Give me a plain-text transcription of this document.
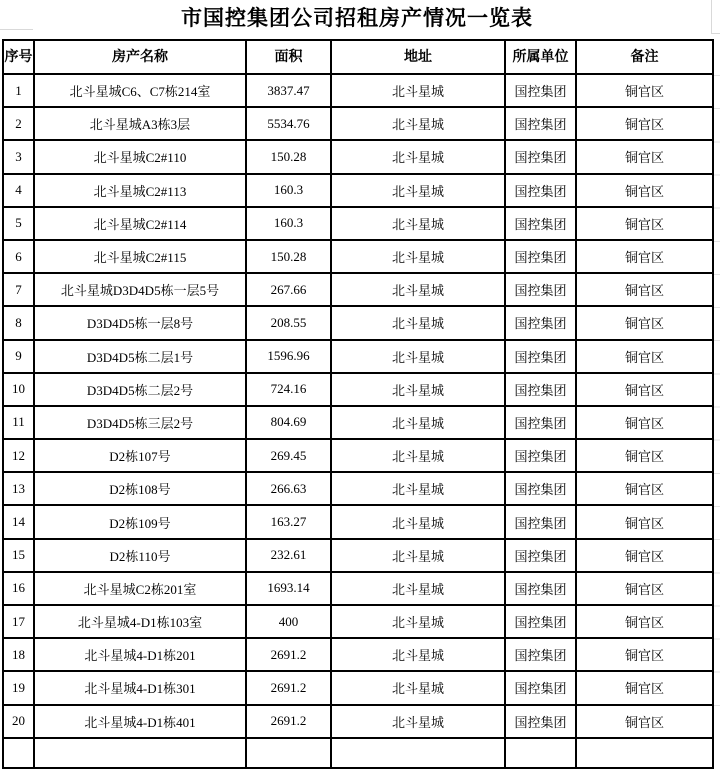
市国控集团公司招租房产情况一览表
序号	房产名称	面积	地址	所属单位	备注
1	北斗星城C6、C7栋214室	3837.47	北斗星城	国控集团	铜官区
2	北斗星城A3栋3层	5534.76	北斗星城	国控集团	铜官区
3	北斗星城C2#110	150.28	北斗星城	国控集团	铜官区
4	北斗星城C2#113	160.3	北斗星城	国控集团	铜官区
5	北斗星城C2#114	160.3	北斗星城	国控集团	铜官区
6	北斗星城C2#115	150.28	北斗星城	国控集团	铜官区
7	北斗星城D3D4D5栋一层5号	267.66	北斗星城	国控集团	铜官区
8	D3D4D5栋一层8号	208.55	北斗星城	国控集团	铜官区
9	D3D4D5栋二层1号	1596.96	北斗星城	国控集团	铜官区
10	D3D4D5栋二层2号	724.16	北斗星城	国控集团	铜官区
11	D3D4D5栋三层2号	804.69	北斗星城	国控集团	铜官区
12	D2栋107号	269.45	北斗星城	国控集团	铜官区
13	D2栋108号	266.63	北斗星城	国控集团	铜官区
14	D2栋109号	163.27	北斗星城	国控集团	铜官区
15	D2栋110号	232.61	北斗星城	国控集团	铜官区
16	北斗星城C2栋201室	1693.14	北斗星城	国控集团	铜官区
17	北斗星城4-D1栋103室	400	北斗星城	国控集团	铜官区
18	北斗星城4-D1栋201	2691.2	北斗星城	国控集团	铜官区
19	北斗星城4-D1栋301	2691.2	北斗星城	国控集团	铜官区
20	北斗星城4-D1栋401	2691.2	北斗星城	国控集团	铜官区
